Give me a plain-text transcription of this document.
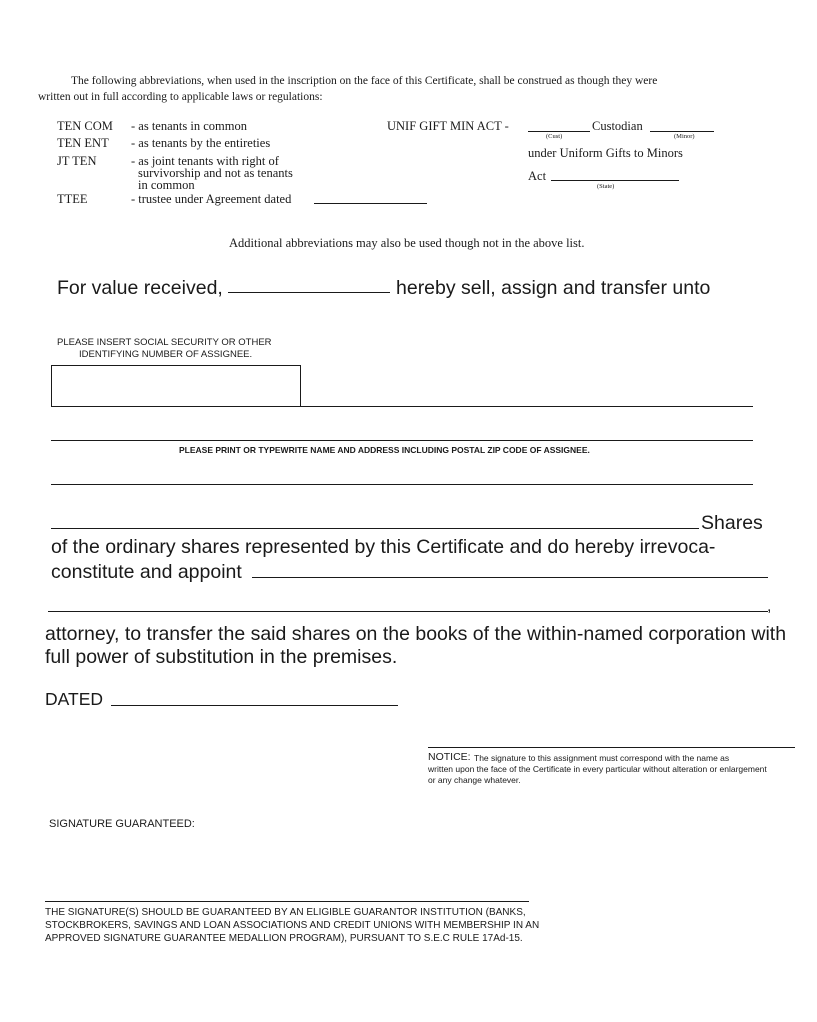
The following abbreviations, when used in the inscription on the face of this Certificate, shall be construed as though they were
written out in full according to applicable laws or regulations:
TEN COM - as tenants in common
TEN ENT - as tenants by the entireties
JT TEN	- as joint tenants with right of
survivorship and not as tenants
in common
TTEE	- trustee under Agreement dated
UNIF GIFT MIN ACT -	Custodian
(Cust)	(Minor)
under Uniform Gifts to Minors
Act
(State)
Additional abbreviations may also be used though not in the above list.
For value received,	hereby sell, assign and transfer unto
PLEASE INSERT SOCIAL SECURITY OR OTHER
IDENTIFYING NUMBER OF ASSIGNEE.
PLEASE PRINT OR TYPEWRITE NAME AND ADDRESS INCLUDING POSTAL ZIP CODE OF ASSIGNEE.
Shares
of the ordinary shares represented by this Certificate and do hereby irrevoca-
constitute and appoint
,
attorney, to transfer the said shares on the books of the within-named corporation with
full power of substitution in the premises.
DATED
NOTICE: The signature to this assignment must correspond with the name as
written upon the face of the Certificate in every particular without alteration or enlargement
or any change whatever.
SIGNATURE GUARANTEED:
THE SIGNATURE(S) SHOULD BE GUARANTEED BY AN ELIGIBLE GUARANTOR INSTITUTION (BANKS,
STOCKBROKERS, SAVINGS AND LOAN ASSOCIATIONS AND CREDIT UNIONS WITH MEMBERSHIP IN AN
APPROVED SIGNATURE GUARANTEE MEDALLION PROGRAM), PURSUANT TO S.E.C RULE 17Ad-15.
